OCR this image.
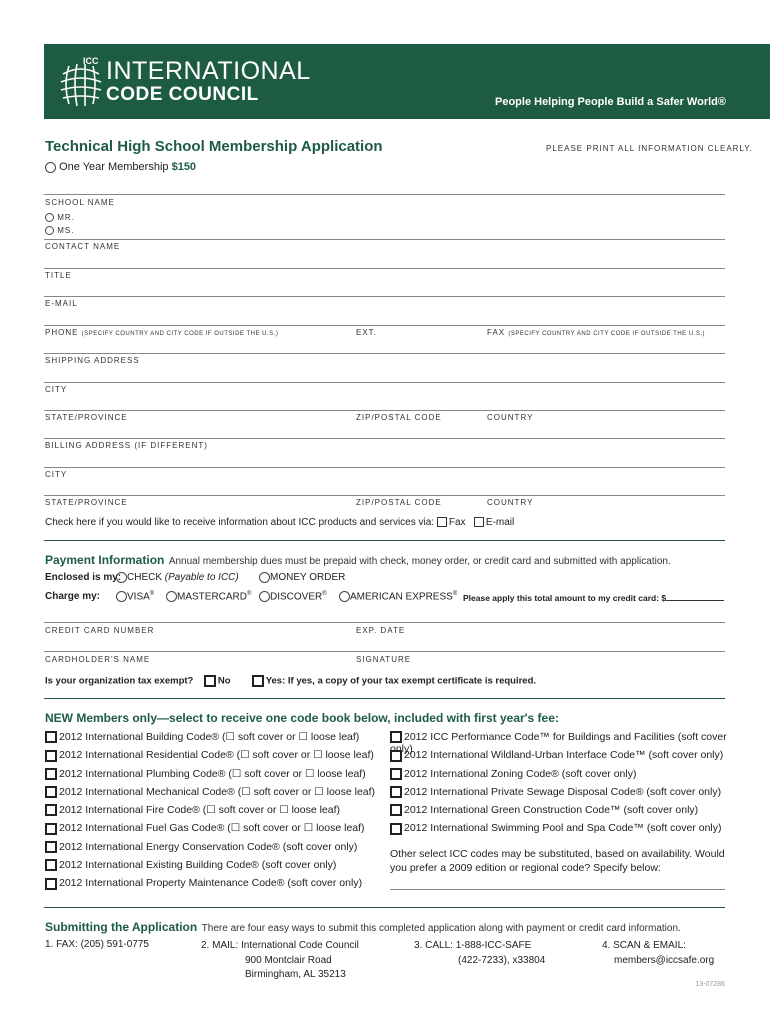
ICC INTERNATIONAL
CODE COUNCIL	People Helping People Build a Safer World®
Technical High School Membership Application	PLEASE PRINT ALL INFORMATION CLEARLY.
One Year Membership $150
SCHOOL NAME
MR.
MS.
CONTACT NAME
TITLE
E-MAIL
PHONE (SPECIFY COUNTRY AND CITY CODE IF OUTSIDE THE U.S.)	EXT.	FAX (SPECIFY COUNTRY AND CITY CODE IF OUTSIDE THE U.S.)
SHIPPING ADDRESS
CITY
STATE/PROVINCE	ZIP/POSTAL CODE	COUNTRY
BILLING ADDRESS (IF DIFFERENT)
CITY
STATE/PROVINCE	ZIP/POSTAL CODE	COUNTRY
Check here if you would like to receive information about ICC products and services via: Fax E-mail
Payment Information Annual membership dues must be prepaid with check, money order, or credit card and submitted with application.
Enclosed is my: CHECK (Payable to ICC)	MONEY ORDER
Charge my:	VISA®	MASTERCARD®	DISCOVER®	AMERICAN EXPRESS® Please apply this total amount to my credit card: $
CREDIT CARD NUMBER	EXP. DATE
CARDHOLDER'S NAME	SIGNATURE
Is your organization tax exempt?	No	Yes: If yes, a copy of your tax exempt certificate is required.
NEW Members only—select to receive one code book below, included with first year's fee:
2012 International Building Code® (☐ soft cover or ☐ loose leaf)
2012 International Residential Code® (☐ soft cover or ☐ loose leaf)
2012 International Plumbing Code® (☐ soft cover or ☐ loose leaf)
2012 International Mechanical Code® (☐ soft cover or ☐ loose leaf)
2012 International Fire Code® (☐ soft cover or ☐ loose leaf)
2012 International Fuel Gas Code® (☐ soft cover or ☐ loose leaf)
2012 International Energy Conservation Code® (soft cover only)
2012 International Existing Building Code® (soft cover only)
2012 International Property Maintenance Code® (soft cover only)
2012 ICC Performance Code™ for Buildings and Facilities (soft cover only)
2012 International Wildland-Urban Interface Code™ (soft cover only)
2012 International Zoning Code® (soft cover only)
2012 International Private Sewage Disposal Code® (soft cover only)
2012 International Green Construction Code™ (soft cover only)
2012 International Swimming Pool and Spa Code™ (soft cover only)
Other select ICC codes may be substituted, based on availability. Would you prefer a 2009 edition or regional code? Specify below:
Submitting the Application There are four easy ways to submit this completed application along with payment or credit card information.
1. FAX: (205) 591-0775	2. MAIL: International Code Council
900 Montclair Road
Birmingham, AL 35213
3. CALL: 1-888-ICC-SAFE
(422-7233), x33804
4. SCAN & EMAIL:
members@iccsafe.org
13-07286
